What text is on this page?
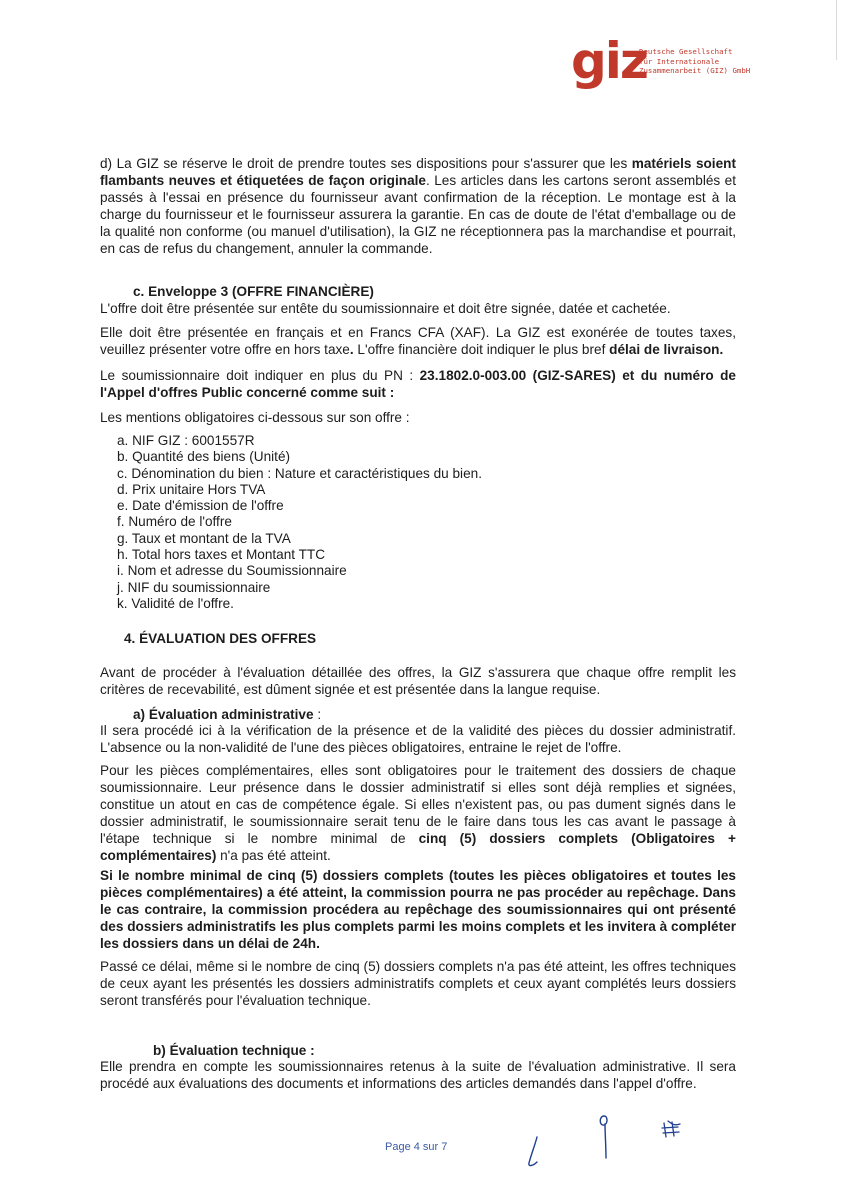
giz
Deutsche Gesellschaft
für Internationale
Zusammenarbeit (GIZ) GmbH

d) La GIZ se réserve le droit de prendre toutes ses dispositions pour s'assurer que les matériels soient flambants neuves et étiquetées de façon originale. Les articles dans les cartons seront assemblés et passés à l'essai en présence du fournisseur avant confirmation de la réception. Le montage est à la charge du fournisseur et le fournisseur assurera la garantie. En cas de doute de l'état d'emballage ou de la qualité non conforme (ou manuel d'utilisation), la GIZ ne réceptionnera pas la marchandise et pourrait, en cas de refus du changement, annuler la commande.

c. Enveloppe 3 (OFFRE FINANCIÈRE)

L'offre doit être présentée sur entête du soumissionnaire et doit être signée, datée et cachetée.

Elle doit être présentée en français et en Francs CFA (XAF). La GIZ est exonérée de toutes taxes, veuillez présenter votre offre en hors taxe. L'offre financière doit indiquer le plus bref délai de livraison.

Le soumissionnaire doit indiquer en plus du PN : 23.1802.0-003.00 (GIZ-SARES) et du numéro de l'Appel d'offres Public concerné comme suit :

Les mentions obligatoires ci-dessous sur son offre :

a. NIF GIZ : 6001557R
b. Quantité des biens (Unité)
c. Dénomination du bien : Nature et caractéristiques du bien.
d. Prix unitaire Hors TVA
e. Date d'émission de l'offre
f. Numéro de l'offre
g. Taux et montant de la TVA
h. Total hors taxes et Montant TTC
i. Nom et adresse du Soumissionnaire
j. NIF du soumissionnaire
k. Validité de l'offre.
4. ÉVALUATION DES OFFRES

Avant de procéder à l'évaluation détaillée des offres, la GIZ s'assurera que chaque offre remplit les critères de recevabilité, est dûment signée et est présentée dans la langue requise.

a) Évaluation administrative :

Il sera procédé ici à la vérification de la présence et de la validité des pièces du dossier administratif. L'absence ou la non-validité de l'une des pièces obligatoires, entraine le rejet de l'offre.

Pour les pièces complémentaires, elles sont obligatoires pour le traitement des dossiers de chaque soumissionnaire. Leur présence dans le dossier administratif si elles sont déjà remplies et signées, constitue un atout en cas de compétence égale. Si elles n'existent pas, ou pas dument signés dans le dossier administratif, le soumissionnaire serait tenu de le faire dans tous les cas avant le passage à l'étape technique si le nombre minimal de cinq (5) dossiers complets (Obligatoires + complémentaires) n'a pas été atteint.

Si le nombre minimal de cinq (5) dossiers complets (toutes les pièces obligatoires et toutes les pièces complémentaires) a été atteint, la commission pourra ne pas procéder au repêchage. Dans le cas contraire, la commission procédera au repêchage des soumissionnaires qui ont présenté des dossiers administratifs les plus complets parmi les moins complets et les invitera à compléter les dossiers dans un délai de 24h.

Passé ce délai, même si le nombre de cinq (5) dossiers complets n'a pas été atteint, les offres techniques de ceux ayant les présentés les dossiers administratifs complets et ceux ayant complétés leurs dossiers seront transférés pour l'évaluation technique.

b) Évaluation technique :

Elle prendra en compte les soumissionnaires retenus à la suite de l'évaluation administrative. Il sera procédé aux évaluations des documents et informations des articles demandés dans l'appel d'offre.

Page 4 sur 7
